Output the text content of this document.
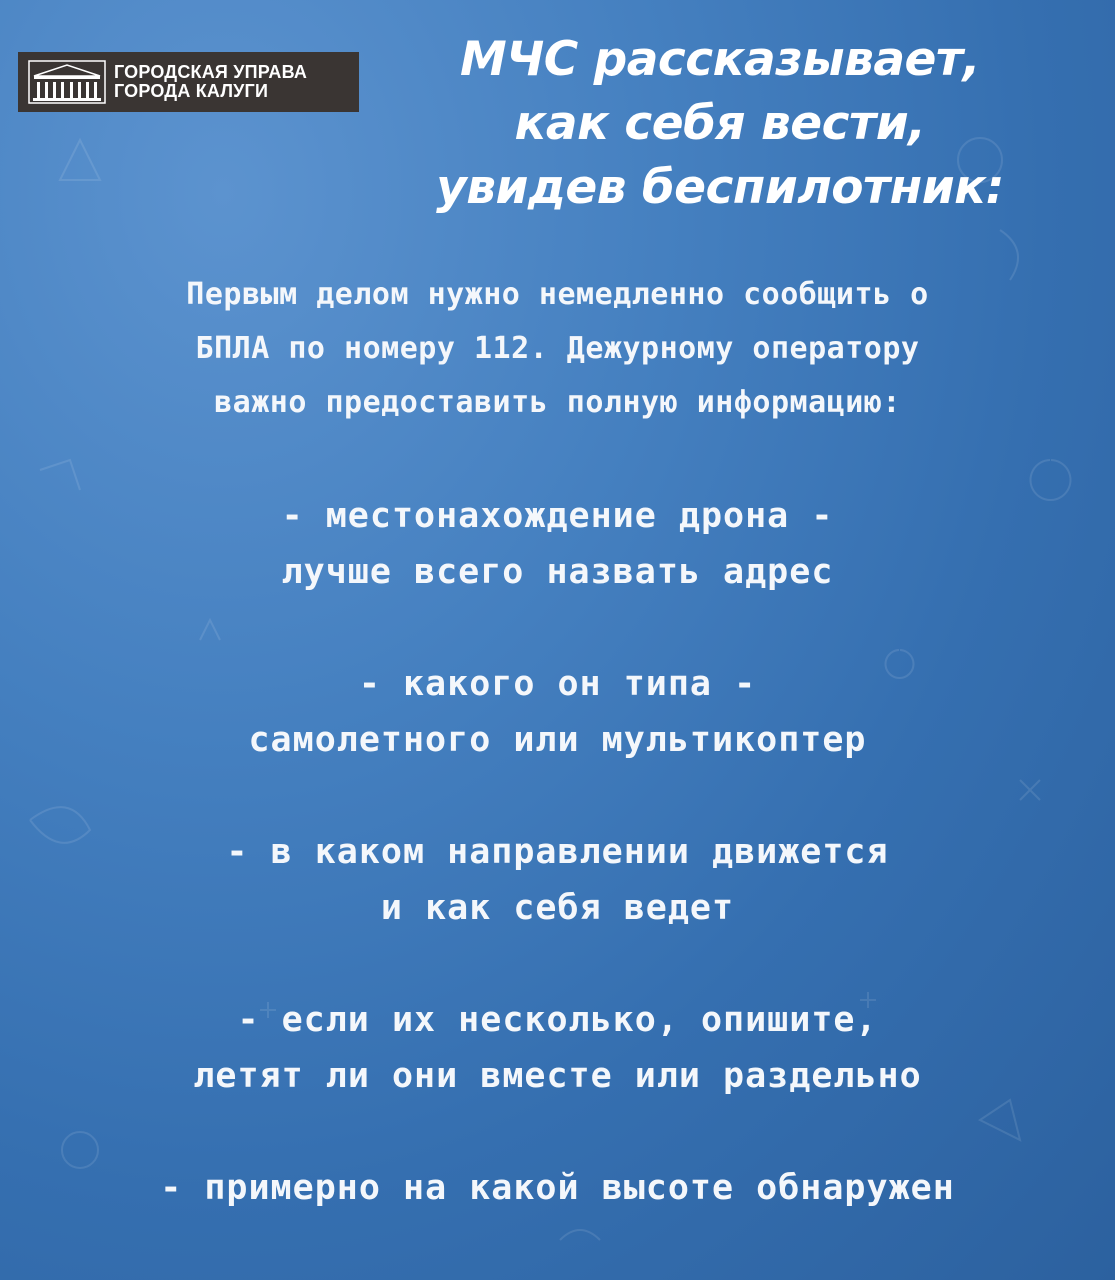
ГОРОДСКАЯ УПРАВА
ГОРОДА КАЛУГИ
МЧС рассказывает,
как себя вести,
увидев беспилотник:
Первым делом нужно немедленно сообщить о
БПЛА по номеру 112. Дежурному оператору
важно предоставить полную информацию:
- местонахождение дрона -
лучше всего назвать адрес
- какого он типа -
самолетного или мультикоптер
- в каком направлении движется
и как себя ведет
- если их несколько, опишите,
летят ли они вместе или раздельно
- примерно на какой высоте обнаружен
